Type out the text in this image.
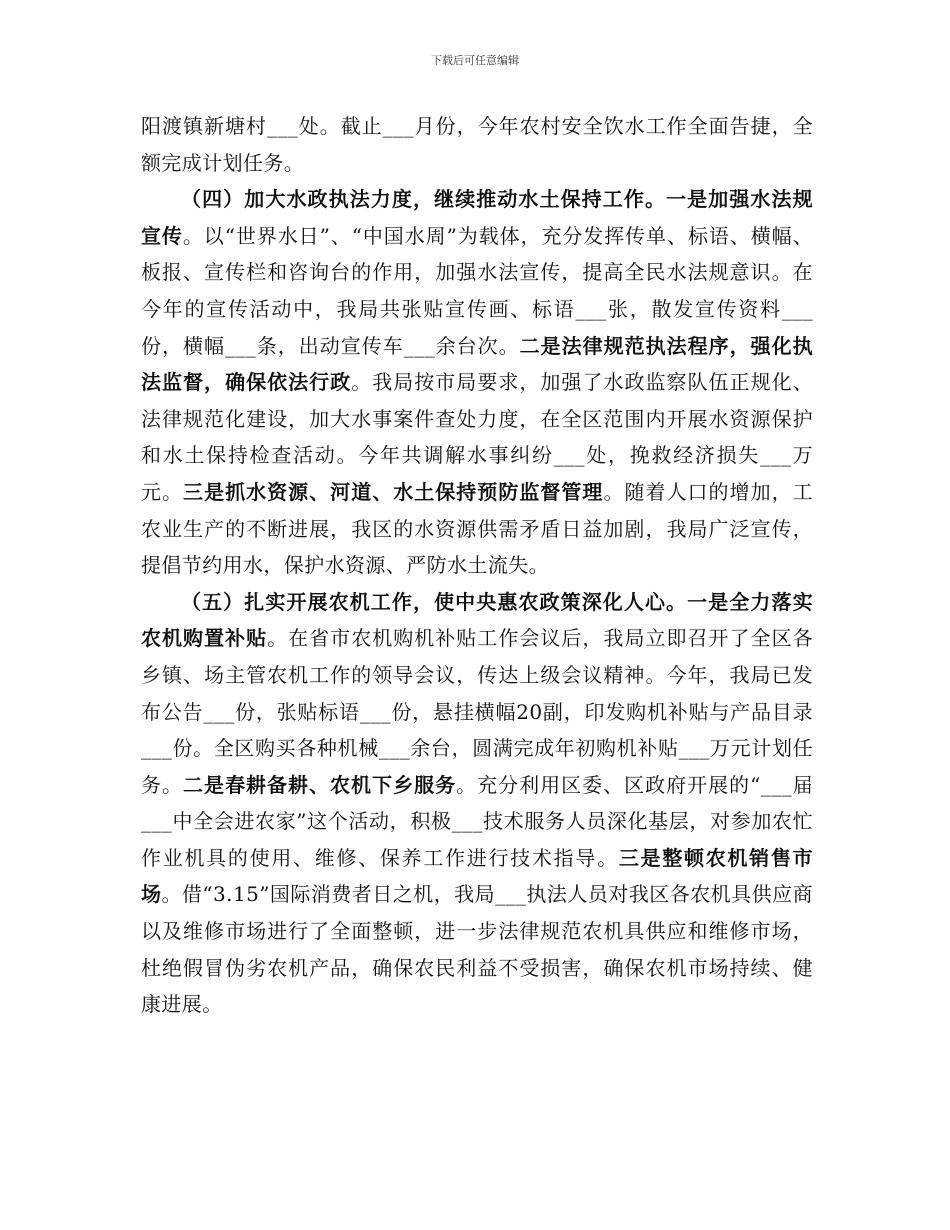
下载后可任意编辑

阳渡镇新塘村___处。截止___月份，今年农村安全饮水工作全面告捷，全额完成计划任务。

（四）加大水政执法力度，继续推动水土保持工作。一是加强水法规宣传。以“世界水日”、“中国水周”为载体，充分发挥传单、标语、横幅、板报、宣传栏和咨询台的作用，加强水法宣传，提高全民水法规意识。在今年的宣传活动中，我局共张贴宣传画、标语___张，散发宣传资料___份，横幅___条，出动宣传车___余台次。二是法律规范执法程序，强化执法监督，确保依法行政。我局按市局要求，加强了水政监察队伍正规化、法律规范化建设，加大水事案件查处力度，在全区范围内开展水资源保护和水土保持检查活动。今年共调解水事纠纷___处，挽救经济损失___万元。三是抓水资源、河道、水土保持预防监督管理。随着人口的增加，工农业生产的不断进展，我区的水资源供需矛盾日益加剧，我局广泛宣传，提倡节约用水，保护水资源、严防水土流失。

（五）扎实开展农机工作，使中央惠农政策深化人心。一是全力落实农机购置补贴。在省市农机购机补贴工作会议后，我局立即召开了全区各乡镇、场主管农机工作的领导会议，传达上级会议精神。今年，我局已发布公告___份，张贴标语___份，悬挂横幅20副，印发购机补贴与产品目录___份。全区购买各种机械___余台，圆满完成年初购机补贴___万元计划任务。二是春耕备耕、农机下乡服务。充分利用区委、区政府开展的“___届___中全会进农家”这个活动，积极___技术服务人员深化基层，对参加农忙作业机具的使用、维修、保养工作进行技术指导。三是整顿农机销售市场。借“3.15”国际消费者日之机，我局___执法人员对我区各农机具供应商以及维修市场进行了全面整顿，进一步法律规范农机具供应和维修市场，杜绝假冒伪劣农机产品，确保农民利益不受损害，确保农机市场持续、健康进展。
